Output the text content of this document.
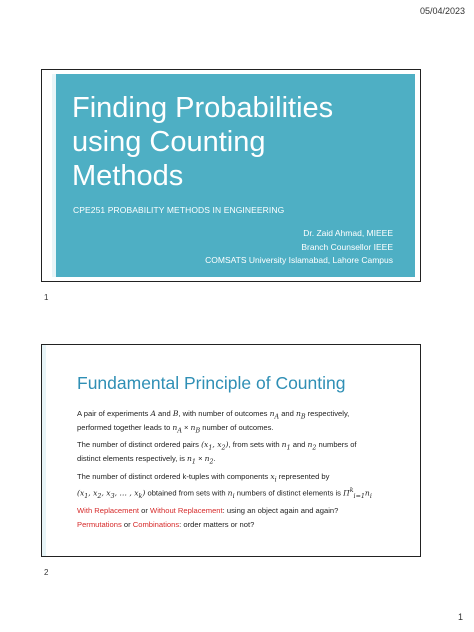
05/04/2023
Finding Probabilities
using Counting
Methods
CPE251 PROBABILITY METHODS IN ENGINEERING
Dr. Zaid Ahmad, MIEEE
Branch Counsellor IEEE
COMSATS University Islamabad, Lahore Campus
1
Fundamental Principle of Counting

A pair of experiments A and B, with number of outcomes $n_A$ and $n_B$ respectively,
performed together leads to $n_A \times n_B$ number of outcomes.

The number of distinct ordered pairs ($x_1$, $x_2$), from sets with $n_1$ and $n_2$ numbers of
distinct elements respectively, is $n_1 \times n_2$.

The number of distinct ordered k-tuples with components $x_i$ represented by
($x_1$, $x_2$, $x_3$, … , $x_k$) obtained from sets with $n_i$ numbers of distinct elements is $\Pi^k_{i=1}n_i$

With Replacement or Without Replacement: using an object again and again?

Permutations or Combinations: order matters or not?

2
1
